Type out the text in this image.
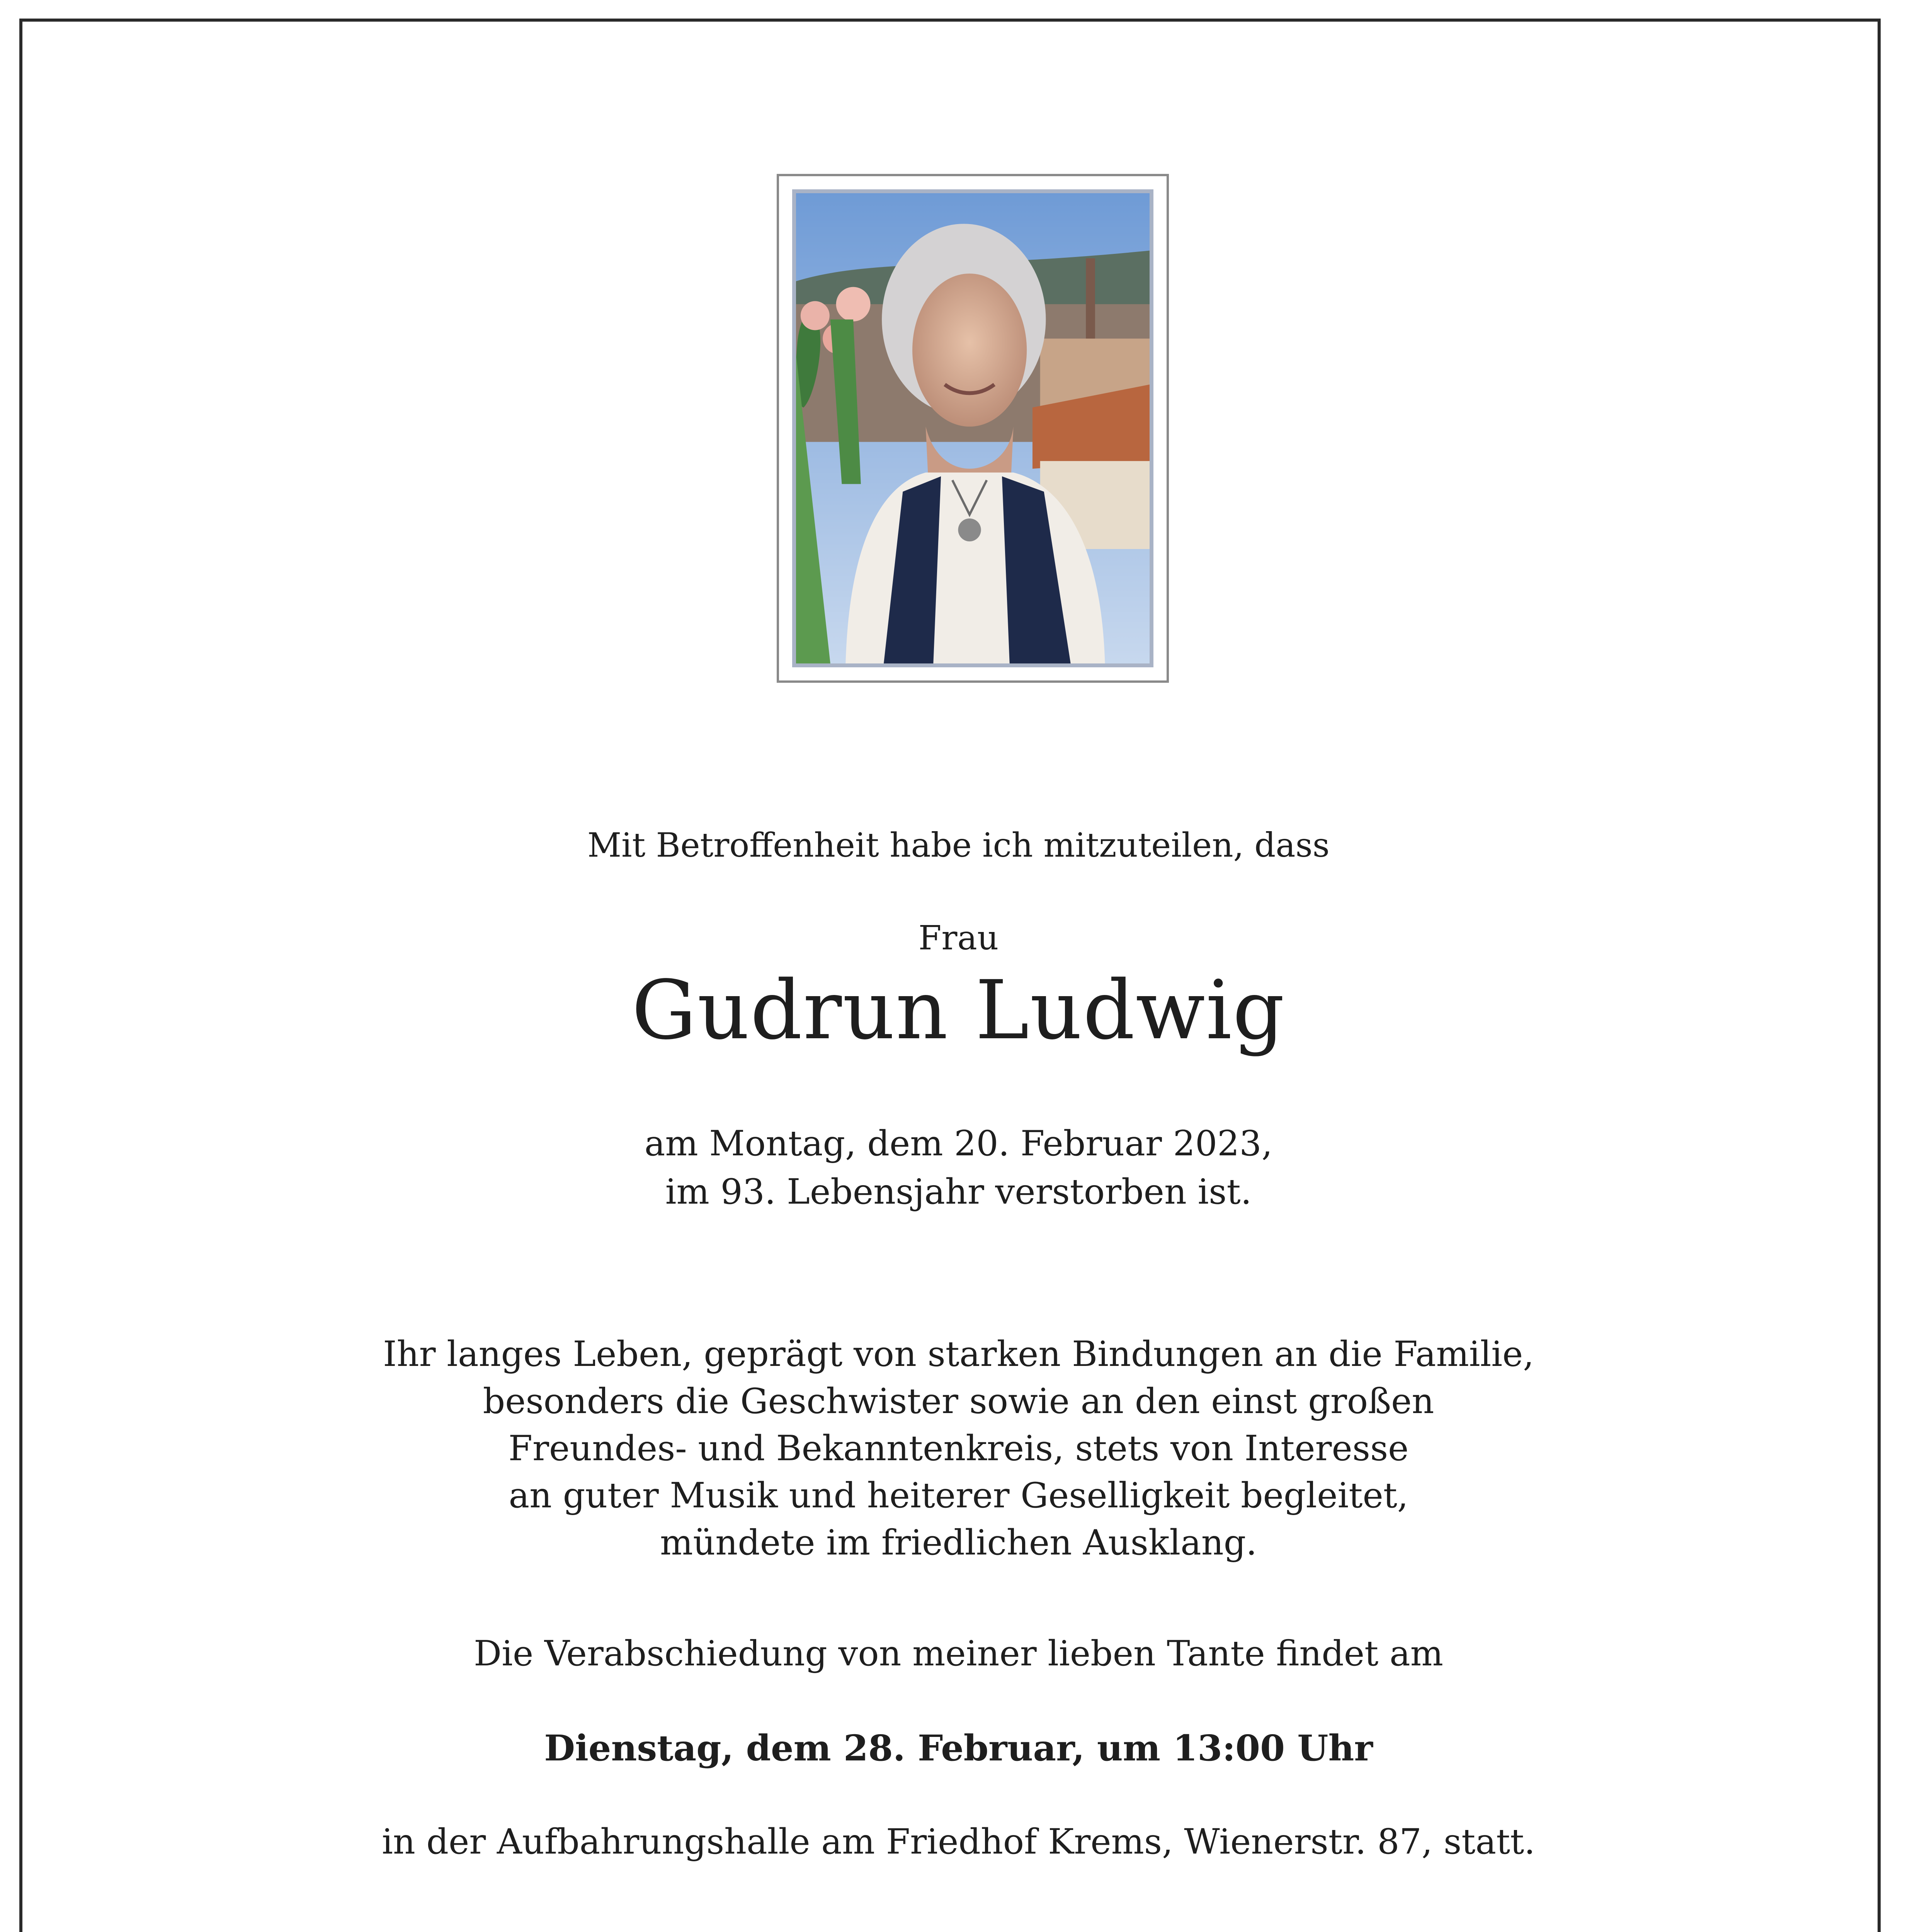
Mit Betroffenheit habe ich mitzuteilen, dass
Frau
Gudrun Ludwig
am Montag, dem 20. Februar 2023,
im 93. Lebensjahr verstorben ist.
Ihr langes Leben, geprägt von starken Bindungen an die Familie,
besonders die Geschwister sowie an den einst großen
Freundes- und Bekanntenkreis, stets von Interesse
an guter Musik und heiterer Geselligkeit begleitet,
mündete im friedlichen Ausklang.
Die Verabschiedung von meiner lieben Tante findet am
Dienstag, dem 28. Februar, um 13:00 Uhr
in der Aufbahrungshalle am Friedhof Krems, Wienerstr. 87, statt.
